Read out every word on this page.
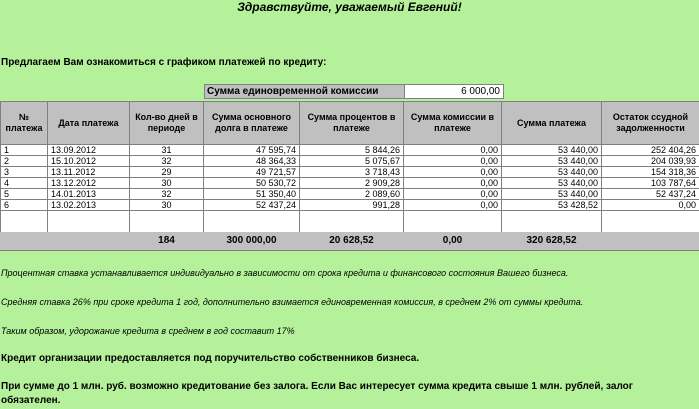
Здравствуйте, уважаемый Евгений!
Предлагаем Вам ознакомиться с графиком платежей по кредиту:
Сумма единовременной комиссии	6 000,00
№ платежа	Дата платежа	Кол-во дней в периоде	Сумма основного долга в платеже	Сумма процентов в платеже	Сумма комиссии в платеже	Сумма платежа	Остаток ссудной задолженности
1	13.09.2012	31	47 595,74	5 844,26	0,00	53 440,00	252 404,26
2	15.10.2012	32	48 364,33	5 075,67	0,00	53 440,00	204 039,93
3	13.11.2012	29	49 721,57	3 718,43	0,00	53 440,00	154 318,36
4	13.12.2012	30	50 530,72	2 909,28	0,00	53 440,00	103 787,64
5	14.01.2013	32	51 350,40	2 089,60	0,00	53 440,00	52 437,24
6	13.02.2013	30	52 437,24	991,28	0,00	53 428,52	0,00

		184	300 000,00	20 628,52	0,00	320 628,52	
Процентная ставка устанавливается индивидуально в зависимости от срока кредита и финансового состояния Вашего бизнеса.
Средняя ставка 26% при сроке кредита 1 год, дополнительно взимается единовременная комиссия, в среднем 2% от суммы кредита.
Таким образом, удорожание кредита в среднем в год составит 17%
Кредит организации предоставляется под поручительство собственников бизнеса.
При сумме до 1 млн. руб. возможно кредитование без залога. Если Вас интересует сумма кредита свыше 1 млн. рублей, залог обязателен.
